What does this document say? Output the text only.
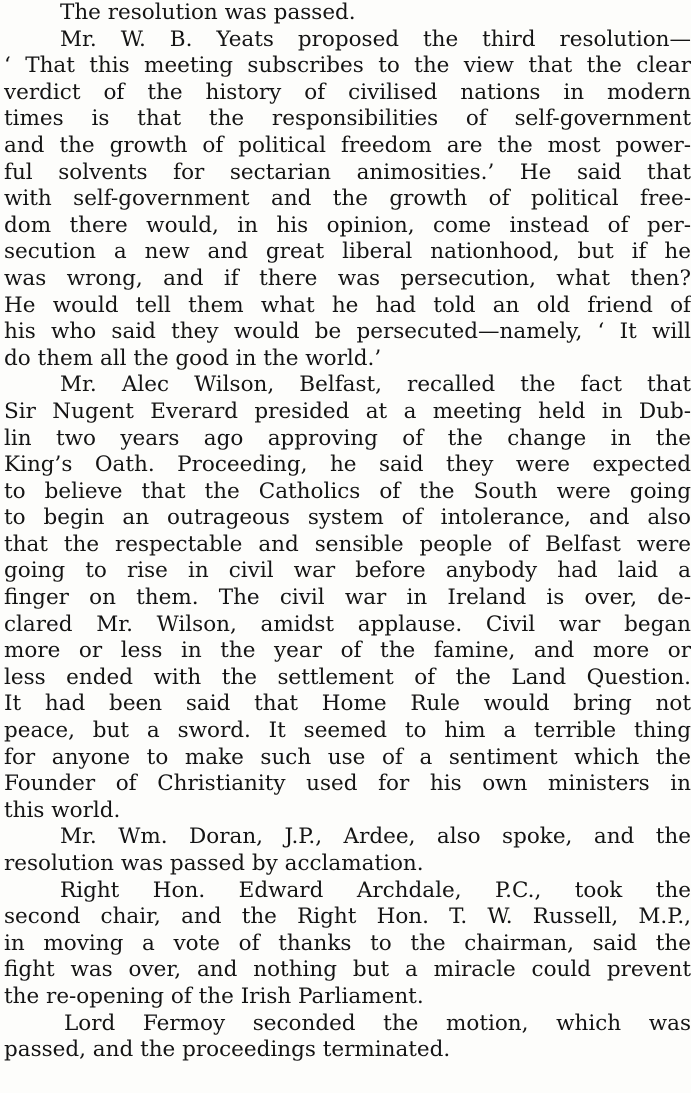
The resolution was passed.
Mr. W. B. Yeats proposed the third resolution—
‘ That this meeting subscribes to the view that the clear
verdict of the history of civilised nations in modern
times is that the responsibilities of self-government
and the growth of political freedom are the most power-
ful solvents for sectarian animosities.’ He said that
with self-government and the growth of political free-
dom there would, in his opinion, come instead of per-
secution a new and great liberal nationhood, but if he
was wrong, and if there was persecution, what then?
He would tell them what he had told an old friend of
his who said they would be persecuted—namely, ‘ It will
do them all the good in the world.’
Mr. Alec Wilson, Belfast, recalled the fact that
Sir Nugent Everard presided at a meeting held in Dub-
lin two years ago approving of the change in the
King’s Oath. Proceeding, he said they were expected
to believe that the Catholics of the South were going
to begin an outrageous system of intolerance, and also
that the respectable and sensible people of Belfast were
going to rise in civil war before anybody had laid a
finger on them. The civil war in Ireland is over, de-
clared Mr. Wilson, amidst applause. Civil war began
more or less in the year of the famine, and more or
less ended with the settlement of the Land Question.
It had been said that Home Rule would bring not
peace, but a sword. It seemed to him a terrible thing
for anyone to make such use of a sentiment which the
Founder of Christianity used for his own ministers in
this world.
Mr. Wm. Doran, J.P., Ardee, also spoke, and the
resolution was passed by acclamation.
Right Hon. Edward Archdale, P.C., took the
second chair, and the Right Hon. T. W. Russell, M.P.,
in moving a vote of thanks to the chairman, said the
fight was over, and nothing but a miracle could prevent
the re-opening of the Irish Parliament.
Lord Fermoy seconded the motion, which was
passed, and the proceedings terminated.
